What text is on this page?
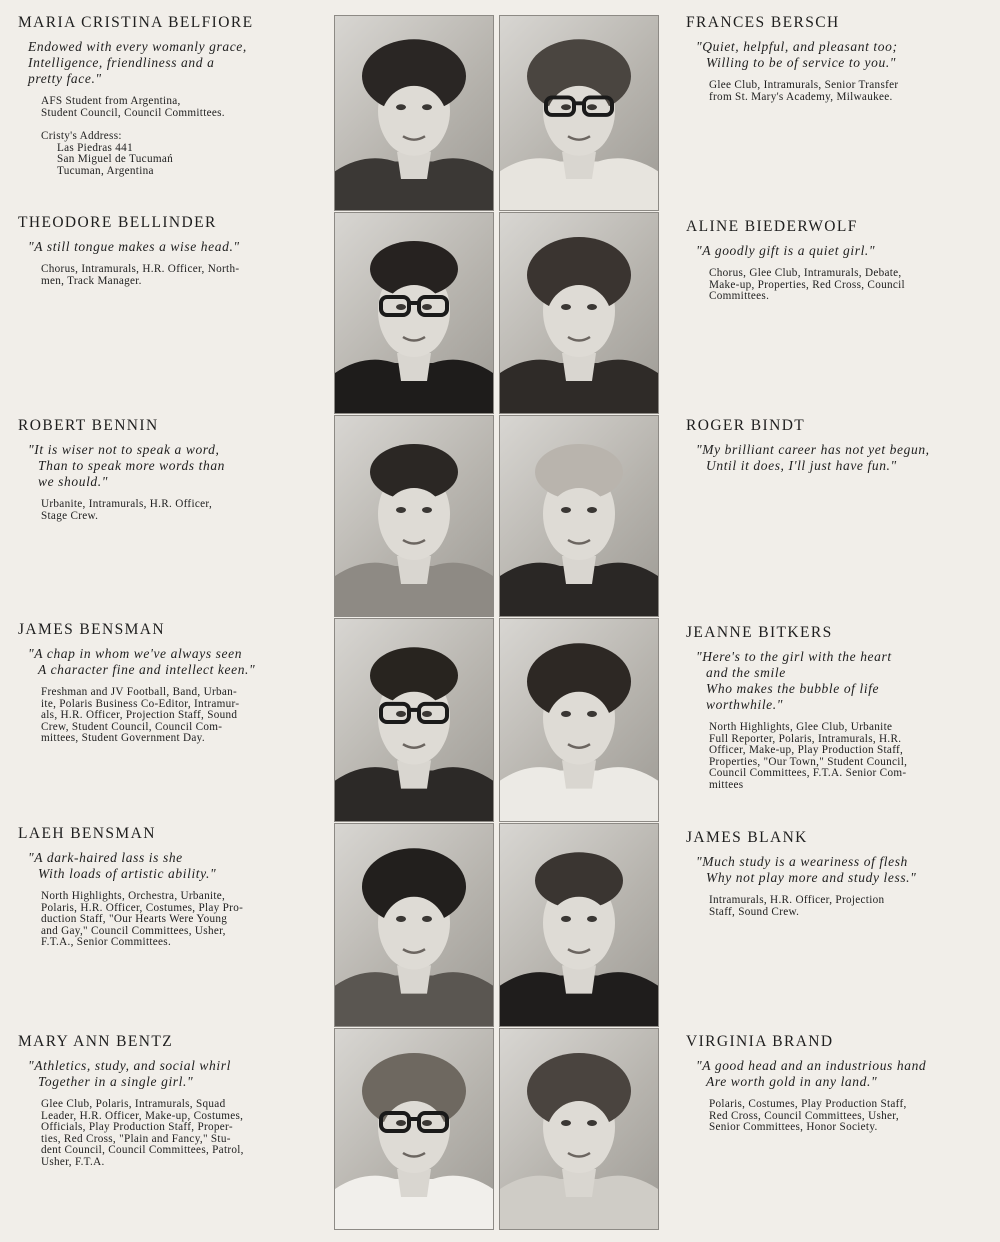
MARIA CRISTINA BELFIORE
Endowed with every womanly grace,
Intelligence, friendliness and a
pretty face."
AFS Student from Argentina,
Student Council, Council Committees.
Cristy's Address:
Las Piedras 441
San Miguel de Tucumań
Tucuman, Argentina
FRANCES BERSCH
"Quiet, helpful, and pleasant too;
Willing to be of service to you."
Glee Club, Intramurals, Senior Transfer
from St. Mary's Academy, Milwaukee.
THEODORE BELLINDER
"A still tongue makes a wise head."
Chorus, Intramurals, H.R. Officer, North-
men, Track Manager.
ALINE BIEDERWOLF
"A goodly gift is a quiet girl."
Chorus, Glee Club, Intramurals, Debate,
Make-up, Properties, Red Cross, Council
Committees.
ROBERT BENNIN
"It is wiser not to speak a word,
Than to speak more words than
we should."
Urbanite, Intramurals, H.R. Officer,
Stage Crew.
ROGER BINDT
"My brilliant career has not yet begun,
Until it does, I'll just have fun."
JAMES BENSMAN
"A chap in whom we've always seen
A character fine and intellect keen."
Freshman and JV Football, Band, Urban-
ite, Polaris Business Co-Editor, Intramur-
als, H.R. Officer, Projection Staff, Sound
Crew, Student Council, Council Com-
mittees, Student Government Day.
JEANNE BITKERS
"Here's to the girl with the heart
and the smile
Who makes the bubble of life
worthwhile."
North Highlights, Glee Club, Urbanite
Full Reporter, Polaris, Intramurals, H.R.
Officer, Make-up, Play Production Staff,
Properties, "Our Town," Student Council,
Council Committees, F.T.A. Senior Com-
mittees
LAEH BENSMAN
"A dark-haired lass is she
With loads of artistic ability."
North Highlights, Orchestra, Urbanite,
Polaris, H.R. Officer, Costumes, Play Pro-
duction Staff, "Our Hearts Were Young
and Gay," Council Committees, Usher,
F.T.A., Senior Committees.
JAMES BLANK
"Much study is a weariness of flesh
Why not play more and study less."
Intramurals, H.R. Officer, Projection
Staff, Sound Crew.
MARY ANN BENTZ
"Athletics, study, and social whirl
Together in a single girl."
Glee Club, Polaris, Intramurals, Squad
Leader, H.R. Officer, Make-up, Costumes,
Officials, Play Production Staff, Proper-
ties, Red Cross, "Plain and Fancy," Stu-
dent Council, Council Committees, Patrol,
Usher, F.T.A.
VIRGINIA BRAND
"A good head and an industrious hand
Are worth gold in any land."
Polaris, Costumes, Play Production Staff,
Red Cross, Council Committees, Usher,
Senior Committees, Honor Society.
